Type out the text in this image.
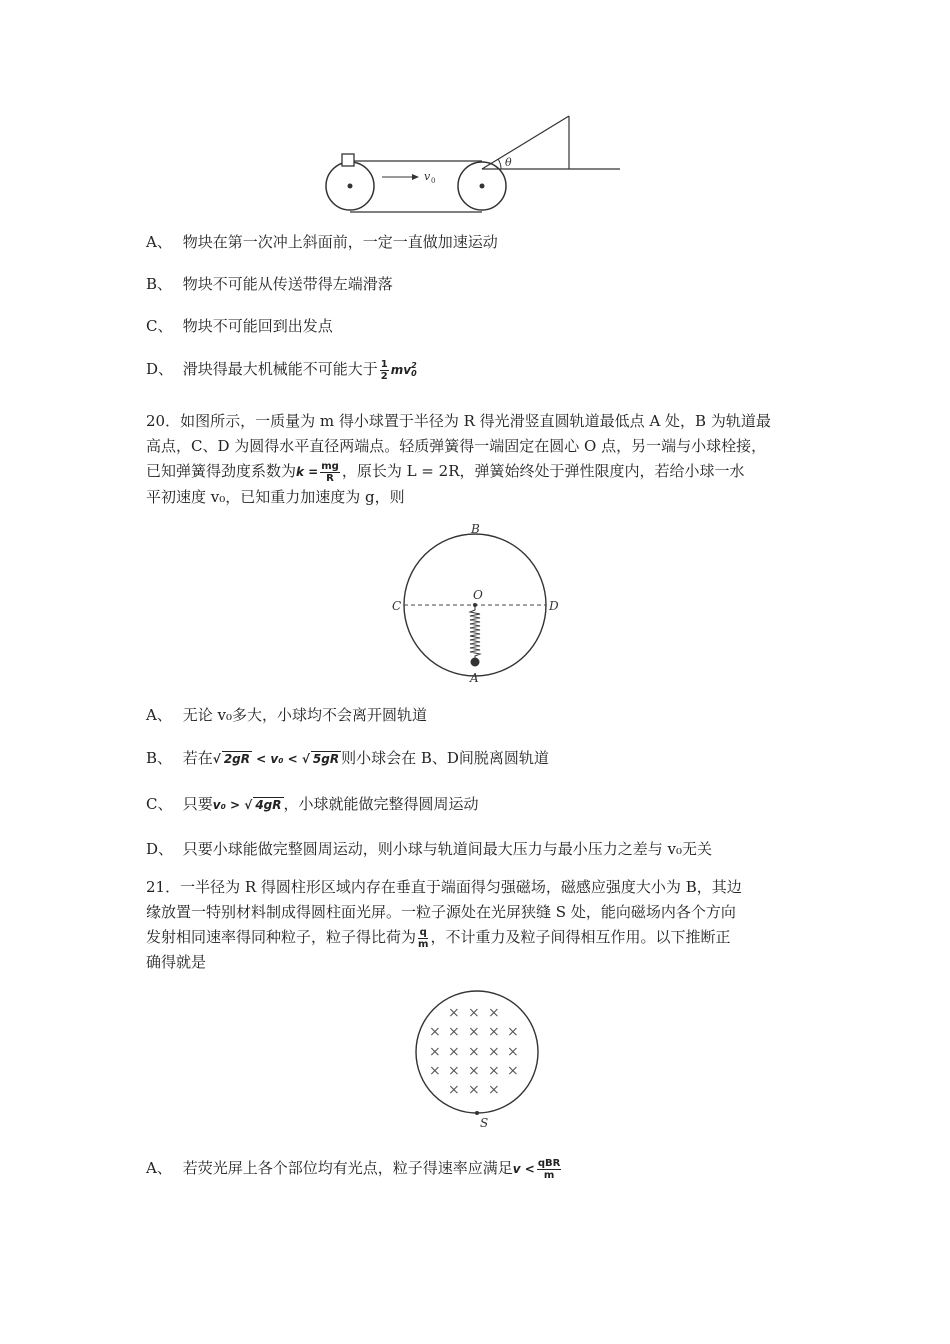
v 0
θ
A、 物块在第一次冲上斜面前，一定一直做加速运动
B、 物块不可能从传送带得左端滑落
C、 物块不可能回到出发点
D、 滑块得最大机械能不可能大于 $\frac{1}{2}$ mv 2
0
20．如图所示，一质量为 m 得小球置于半径为 R 得光滑竖直圆轨道最低点 A 处，B 为轨道最
高点，C、D 为圆得水平直径两端点。轻质弹簧得一端固定在圆心 O 点，另一端与小球栓接，
已知弹簧得劲度系数为$k = \frac{mg}{R}$ ，原长为 L = 2R，弹簧始终处于弹性限度内，若给小球一水
平初速度 v₀，已知重力加速度为 g，则
B
C	D
O
A
A、 无论 v₀多大，小球均不会离开圆轨道
B、 若在√ 2gR < v₀ < √ 5gR 则小球会在 B、D间脱离圆轨道
C、 只要v₀ > √ 4gR ，小球就能做完整得圆周运动
D、 只要小球能做完整圆周运动，则小球与轨道间最大压力与最小压力之差与 v₀无关
21．一半径为 R 得圆柱形区域内存在垂直于端面得匀强磁场，磁感应强度大小为 B，其边
缘放置一特别材料制成得圆柱面光屏。一粒子源处在光屏狭缝 S 处，能向磁场内各个方向
发射相同速率得同种粒子，粒子得比荷为 $\frac{q}{m}$ ，不计重力及粒子间得相互作用。以下推断正
确得就是
× × ×
× × × × ×
× × × × ×
× × × × ×
× × ×
S
A、 若荧光屏上各个部位均有光点，粒子得速率应满足$v < \frac{\text{qBR}}{m}$
